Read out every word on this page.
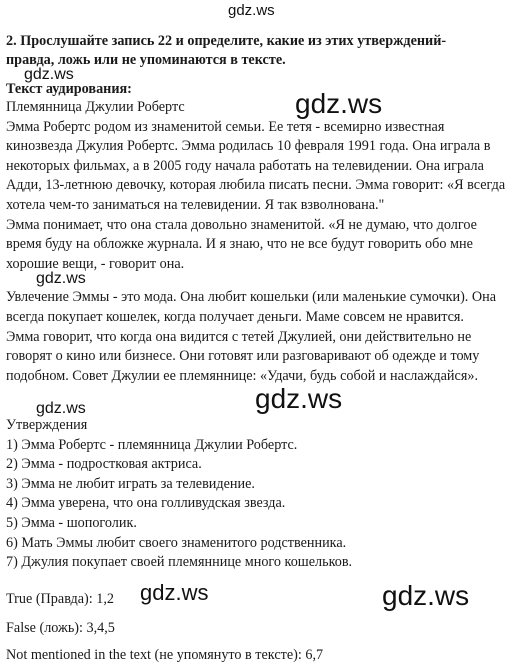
gdz.ws
2. Прослушайте запись 22 и определите, какие из этих утверждений-
правда, ложь или не упоминаются в тексте.
gdz.ws
Текст аудирования:	gdz.ws

Племянница Джулии Робертс

Эмма Робертс родом из знаменитой семьи. Ее тетя - всемирно известная кинозвезда Джулия Робертс. Эмма родилась 10 февраля 1991 года. Она играла в некоторых фильмах, а в 2005 году начала работать на телевидении. Она играла Адди, 13-летнюю девочку, которая любила писать песни. Эмма говорит: «Я всегда хотела чем-то заниматься на телевидении. Я так взволнована."

Эмма понимает, что она стала довольно знаменитой. «Я не думаю, что долгое время буду на обложке журнала. И я знаю, что не все будут говорить обо мне хорошие вещи, - говорит она.

Увлечение Эммы - это мода. Она любит кошельки (или маленькие сумочки). Она всегда покупает кошелек, когда получает деньги. Маме совсем не нравится.

Эмма говорит, что когда она видится с тетей Джулией, они действительно не говорят о кино или бизнесе. Они готовят или разговаривают об одежде и тому подобном. Совет Джулии ее племяннице: «Удачи, будь собой и наслаждайся».

gdz.ws
gdz.ws	gdz.ws

Утверждения

1) Эмма Робертс - племянница Джулии Робертс.

2) Эмма - подростковая актриса.

3) Эмма не любит играть за телевидение.

4) Эмма уверена, что она голливудская звезда.

5) Эмма - шопоголик.

6) Мать Эммы любит своего знаменитого родственника.

7) Джулия покупает своей племяннице много кошельков.

gdz.ws	gdz.ws
True (Правда): 1,2
False (ложь): 3,4,5
Not mentioned in the text (не упомянуто в тексте): 6,7
